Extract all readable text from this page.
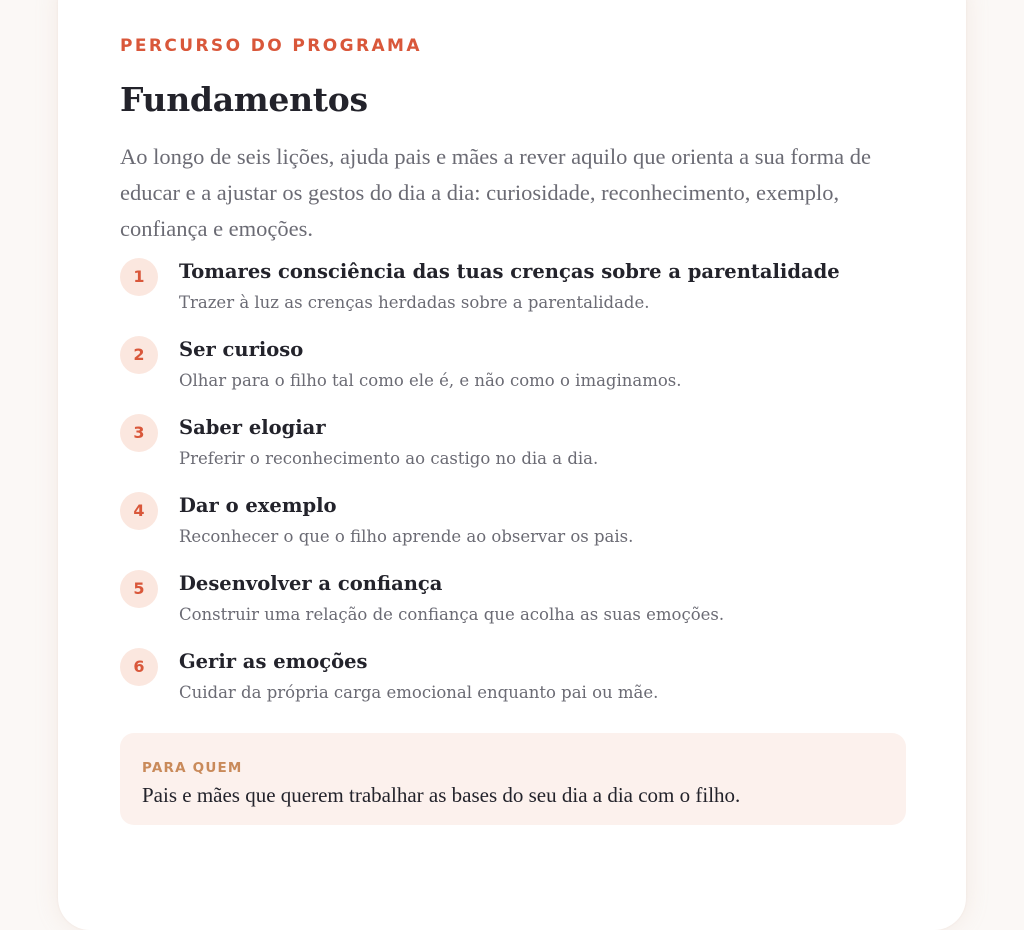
PERCURSO DO PROGRAMA
Fundamentos

Ao longo de seis lições, ajuda pais e mães a rever aquilo que orienta a sua forma de educar e a ajustar os gestos do dia a dia: curiosidade, reconhecimento, exemplo, confiança e emoções.

1	Tomares consciência das tuas crenças sobre a parentalidade
Trazer à luz as crenças herdadas sobre a parentalidade.
2	Ser curioso
Olhar para o filho tal como ele é, e não como o imaginamos.
3	Saber elogiar
Preferir o reconhecimento ao castigo no dia a dia.
4	Dar o exemplo
Reconhecer o que o filho aprende ao observar os pais.
5	Desenvolver a confiança
Construir uma relação de confiança que acolha as suas emoções.
6	Gerir as emoções
Cuidar da própria carga emocional enquanto pai ou mãe.
PARA QUEM
Pais e mães que querem trabalhar as bases do seu dia a dia com o filho.
